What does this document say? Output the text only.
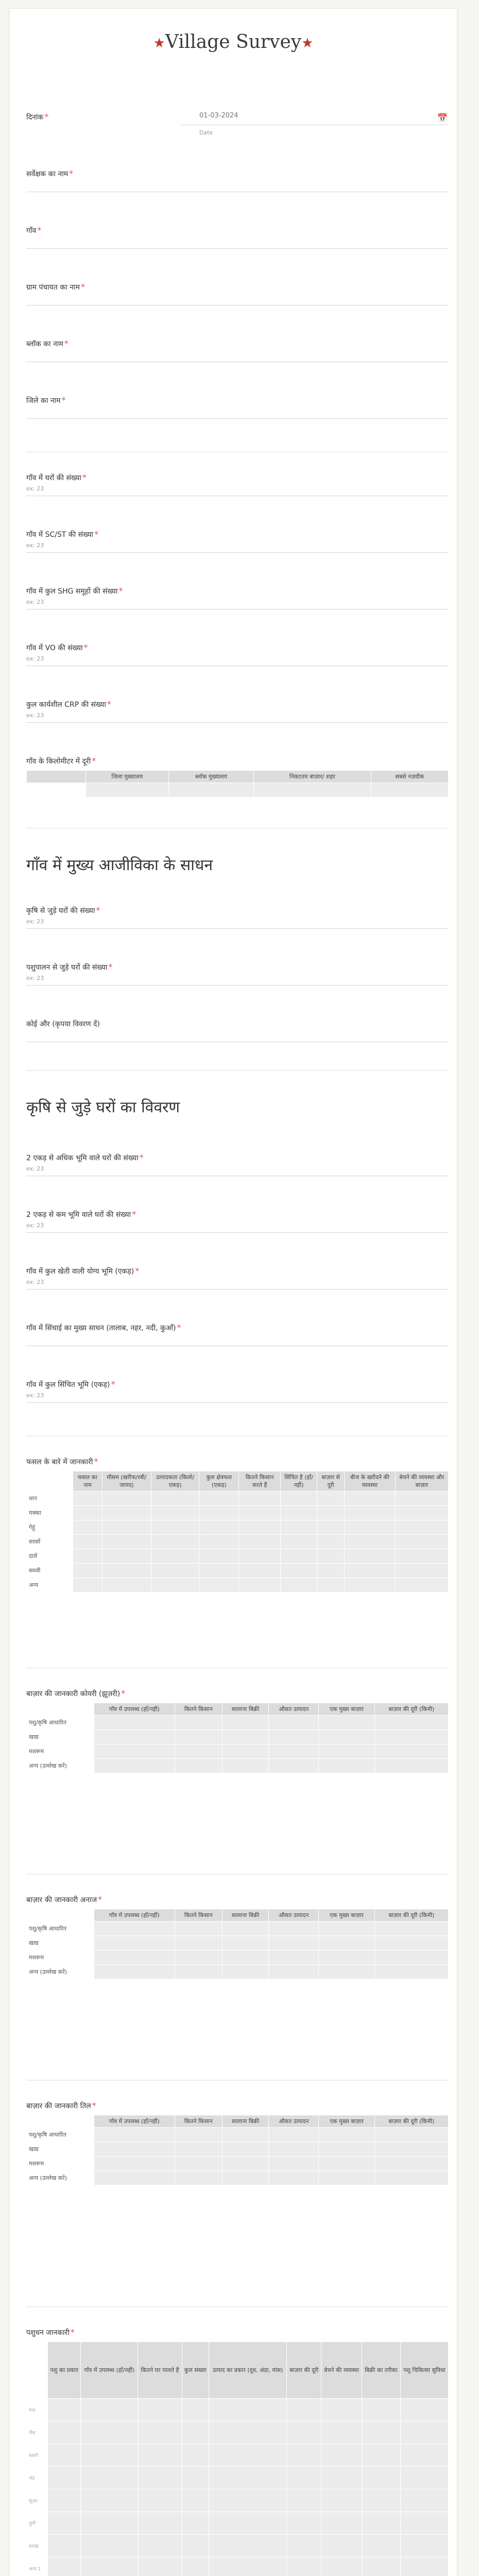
★Village Survey★
दिनांक *	01-03-2024	📅
Date
सर्वेक्षक का नाम *
गाँव *
ग्राम पंचायत का नाम *
ब्लॉक का नाम *
जिले का नाम *
गाँव में घरों की संख्या *
ex: 23
गाँव में SC/ST की संख्या *
ex: 23
गाँव में कुल SHG समूहों की संख्या *
ex: 23
गाँव में VO की संख्या *
ex: 23
कुल कार्यशील CRP की संख्या *
ex: 23
गाँव के किलोमीटर में दूरी *
	जिला मुख्यालय	ब्लॉक मुख्यालय	निकटतम बाज़ार/ शहर	सबसे नज़दीक

गाँव में मुख्य आजीविका के साधन
कृषि से जुड़े घरों की संख्या *
ex: 23
पशुपालन से जुड़े घरों की संख्या *
ex: 23
कोई और (कृपया विवरण दें)
कृषि से जुड़े घरों का विवरण
2 एकड़ से अधिक भूमि वाले घरों की संख्या *
ex: 23
2 एकड़ से कम भूमि वाले घरों की संख्या *
ex: 23
गाँव में कुल खेती वाली योग्य भूमि (एकड़) *
ex: 23
गाँव में सिंचाई का मुख्य साधन (तालाब, नहर, नदी, कुआँ) *
गाँव में कुल सिंचित भूमि (एकड़) *
ex: 23
फसल के बारे में जानकारी *
	फसल का नाम	मौसम (खरीफ/रबी/जायद)	उत्पादकता (किलो/एकड़)	कुल क्षेत्रफल (एकड़)	कितने किसान करते हैं	सिंचित है (हाँ/नहीं)	बाज़ार से दूरी	बीज के खरीदने की व्यवस्था	बेचने की व्यवस्था और बाज़ार
धान									
मक्का									
गेहूं									
सरसों									
दालें									
सब्जी									
अन्य									
बाज़ार की जानकारी कोयरी (झूज़री) *
	गाँव में उपलब्ध (हाँ/नहीं)	कितने किसान	सालाना बिक्री	औसत उत्पादन	एक मुख्य बाज़ार	बाज़ार की दूरी (किमी)
पशु/कृषि आधारित						
खाद्य						
मशरूम						
अन्य (उल्लेख करें)						
बाज़ार की जानकारी अनाज *
	गाँव में उपलब्ध (हाँ/नहीं)	कितने किसान	सालाना बिक्री	औसत उत्पादन	एक मुख्य बाज़ार	बाज़ार की दूरी (किमी)
पशु/कृषि आधारित						
खाद्य						
मशरूम						
अन्य (उल्लेख करें)						
बाज़ार की जानकारी तिल *
	गाँव में उपलब्ध (हाँ/नहीं)	कितने किसान	सालाना बिक्री	औसत उत्पादन	एक मुख्य बाज़ार	बाज़ार की दूरी (किमी)
पशु/कृषि आधारित						
खाद्य						
मशरूम						
अन्य (उल्लेख करें)						
पशुधन जानकारी *
	पशु का प्रकार	गाँव में उपलब्ध (हाँ/नहीं)	कितने घर पालते हैं	कुल संख्या	उत्पाद का प्रकार (दूध, अंडा, मांस)	बाज़ार की दूरी	बेचने की व्यवस्था	बिक्री का तरीका	पशु चिकित्सा सुविधा
गाय									
भैंस									
बकरी									
भेड़									
सूअर									
मुर्गी									
बत्तख									
अन्य 1									
